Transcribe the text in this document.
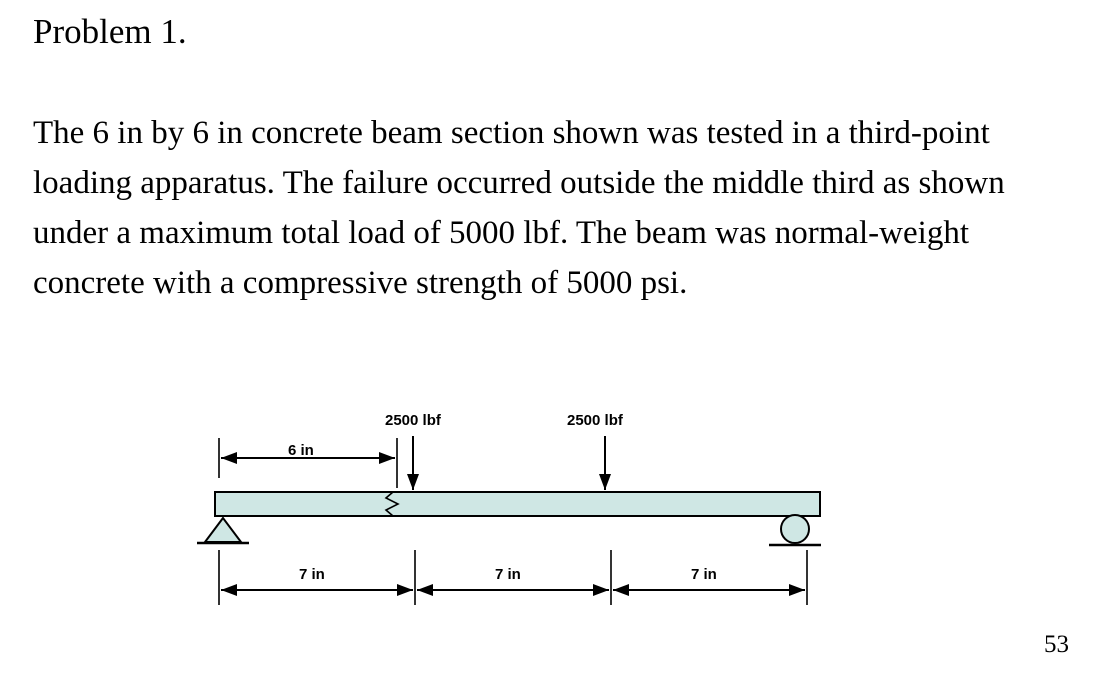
Problem 1.
The 6 in by 6 in concrete beam section shown was tested in a third-point loading apparatus. The failure occurred outside the middle third as shown under a maximum total load of 5000 lbf. The beam was normal-weight concrete with a compressive strength of 5000 psi.
2500 lbf	2500 lbf
6 in
7 in	7 in	7 in
53
